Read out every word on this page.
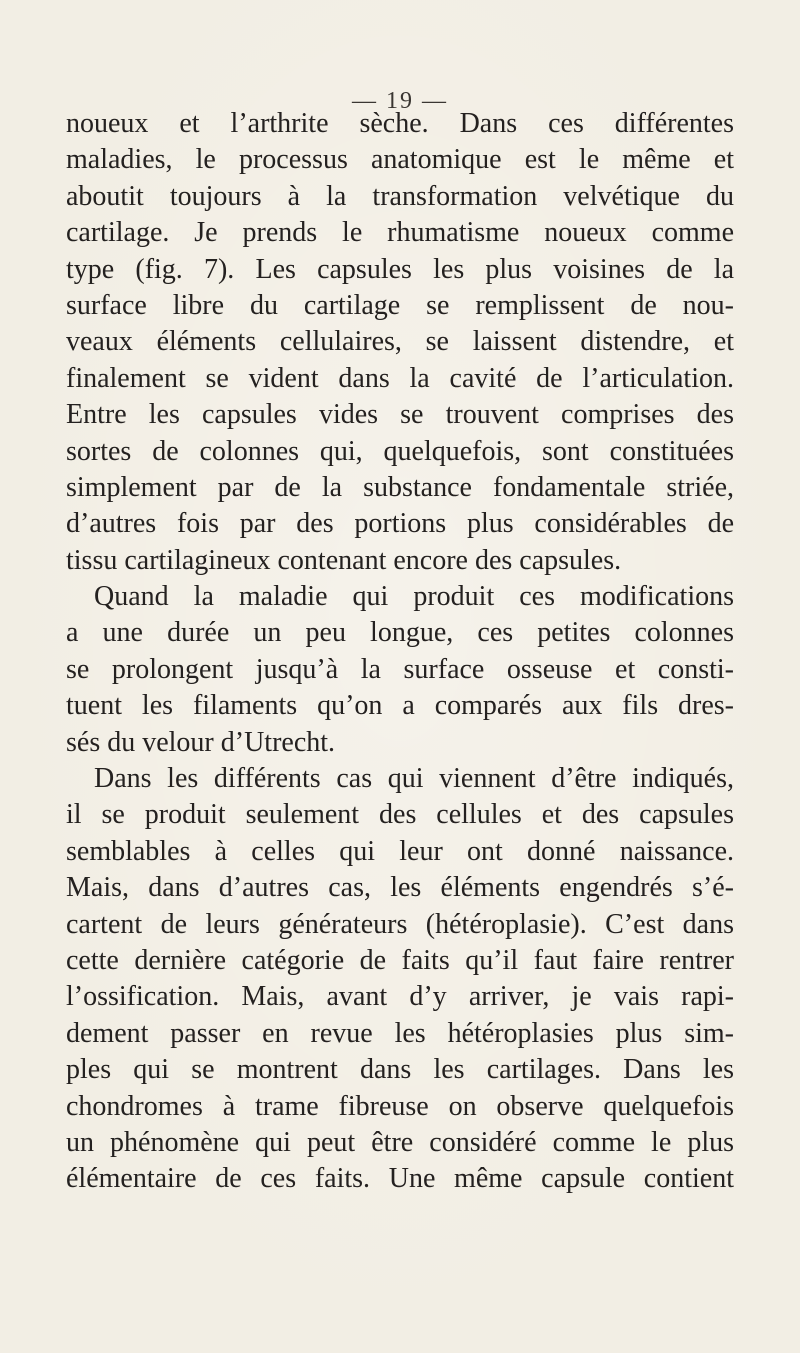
— 19 —
noueux et l’arthrite sèche. Dans ces différentes
maladies, le processus anatomique est le même et
aboutit toujours à la transformation velvétique du
cartilage. Je prends le rhumatisme noueux comme
type (fig. 7). Les capsules les plus voisines de la
surface libre du cartilage se remplissent de nou-
veaux éléments cellulaires, se laissent distendre, et
finalement se vident dans la cavité de l’articulation.
Entre les capsules vides se trouvent comprises des
sortes de colonnes qui, quelquefois, sont constituées
simplement par de la substance fondamentale striée,
d’autres fois par des portions plus considérables de
tissu cartilagineux contenant encore des capsules.
Quand la maladie qui produit ces modifications
a une durée un peu longue, ces petites colonnes
se prolongent jusqu’à la surface osseuse et consti-
tuent les filaments qu’on a comparés aux fils dres-
sés du velour d’Utrecht.
Dans les différents cas qui viennent d’être indiqués,
il se produit seulement des cellules et des capsules
semblables à celles qui leur ont donné naissance.
Mais, dans d’autres cas, les éléments engendrés s’é-
cartent de leurs générateurs (hétéroplasie). C’est dans
cette dernière catégorie de faits qu’il faut faire rentrer
l’ossification. Mais, avant d’y arriver, je vais rapi-
dement passer en revue les hétéroplasies plus sim-
ples qui se montrent dans les cartilages. Dans les
chondromes à trame fibreuse on observe quelquefois
un phénomène qui peut être considéré comme le plus
élémentaire de ces faits. Une même capsule contient
